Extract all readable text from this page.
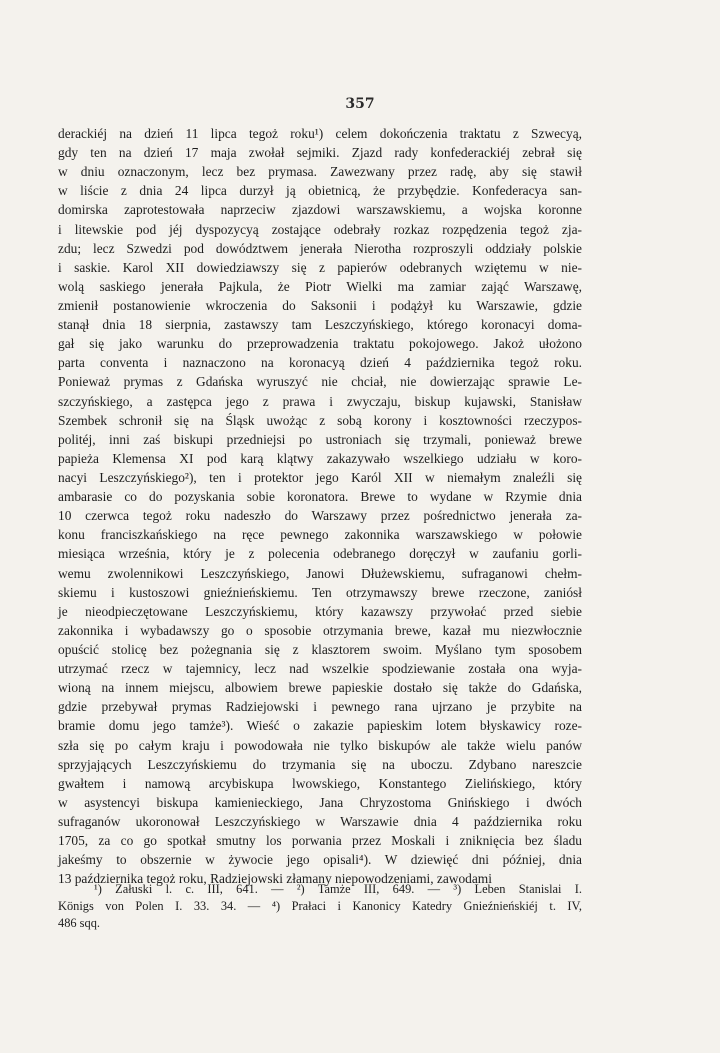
357
derackiéj na dzień 11 lipca tegoż roku¹) celem dokończenia traktatu z Szwecyą,
gdy ten na dzień 17 maja zwołał sejmiki. Zjazd rady konfederackiéj zebrał się
w dniu oznaczonym, lecz bez prymasa. Zawezwany przez radę, aby się stawił
w liście z dnia 24 lipca durzył ją obietnicą, że przybędzie. Konfederacya san-
domirska zaprotestowała naprzeciw zjazdowi warszawskiemu, a wojska koronne
i litewskie pod jéj dyspozycyą zostające odebrały rozkaz rozpędzenia tegoż zja-
zdu; lecz Szwedzi pod dowództwem jenerała Nierotha rozproszyli oddziały polskie
i saskie. Karol XII dowiedziawszy się z papierów odebranych wziętemu w nie-
wolą saskiego jenerała Pajkula, że Piotr Wielki ma zamiar zająć Warszawę,
zmienił postanowienie wkroczenia do Saksonii i podążył ku Warszawie, gdzie
stanął dnia 18 sierpnia, zastawszy tam Leszczyńskiego, którego koronacyi doma-
gał się jako warunku do przeprowadzenia traktatu pokojowego. Jakoż ułożono
parta conventa i naznaczono na koronacyą dzień 4 października tegoż roku.
Ponieważ prymas z Gdańska wyruszyć nie chciał, nie dowierzając sprawie Le-
szczyńskiego, a zastępca jego z prawa i zwyczaju, biskup kujawski, Stanisław
Szembek schronił się na Śląsk uwożąc z sobą korony i kosztowności rzeczypos-
politéj, inni zaś biskupi przedniejsi po ustroniach się trzymali, ponieważ brewe
papieża Klemensa XI pod karą klątwy zakazywało wszelkiego udziału w koro-
nacyi Leszczyńskiego²), ten i protektor jego Karól XII w niemałym znaleźli się
ambarasie co do pozyskania sobie koronatora. Brewe to wydane w Rzymie dnia
10 czerwca tegoż roku nadeszło do Warszawy przez pośrednictwo jenerała za-
konu franciszkańskiego na ręce pewnego zakonnika warszawskiego w połowie
miesiąca września, który je z polecenia odebranego doręczył w zaufaniu gorli-
wemu zwolennikowi Leszczyńskiego, Janowi Dłużewskiemu, sufraganowi chełm-
skiemu i kustoszowi gnieźnieńskiemu. Ten otrzymawszy brewe rzeczone, zaniósł
je nieodpieczętowane Leszczyńskiemu, który kazawszy przywołać przed siebie
zakonnika i wybadawszy go o sposobie otrzymania brewe, kazał mu niezwłocznie
opuścić stolicę bez pożegnania się z klasztorem swoim. Myślano tym sposobem
utrzymać rzecz w tajemnicy, lecz nad wszelkie spodziewanie została ona wyja-
wioną na innem miejscu, albowiem brewe papieskie dostało się także do Gdańska,
gdzie przebywał prymas Radziejowski i pewnego rana ujrzano je przybite na
bramie domu jego tamże³). Wieść o zakazie papieskim lotem błyskawicy roze-
szła się po całym kraju i powodowała nie tylko biskupów ale także wielu panów
sprzyjających Leszczyńskiemu do trzymania się na uboczu. Zdybano nareszcie
gwałtem i namową arcybiskupa lwowskiego, Konstantego Zielińskiego, który
w asystencyi biskupa kamienieckiego, Jana Chryzostoma Gnińskiego i dwóch
sufraganów ukoronował Leszczyńskiego w Warszawie dnia 4 października roku
1705, za co go spotkał smutny los porwania przez Moskali i zniknięcia bez śladu
jakeśmy to obszernie w żywocie jego opisali⁴). W dziewięć dni później, dnia
13 października tegoż roku, Radziejowski złamany niepowodzeniami, zawodami
¹) Załuski l. c. III, 641. — ²) Tamże III, 649. — ³) Leben Stanislai I.
Königs von Polen I. 33. 34. — ⁴) Prałaci i Kanonicy Katedry Gnieźnieńskiéj t. IV,
486 sqq.
